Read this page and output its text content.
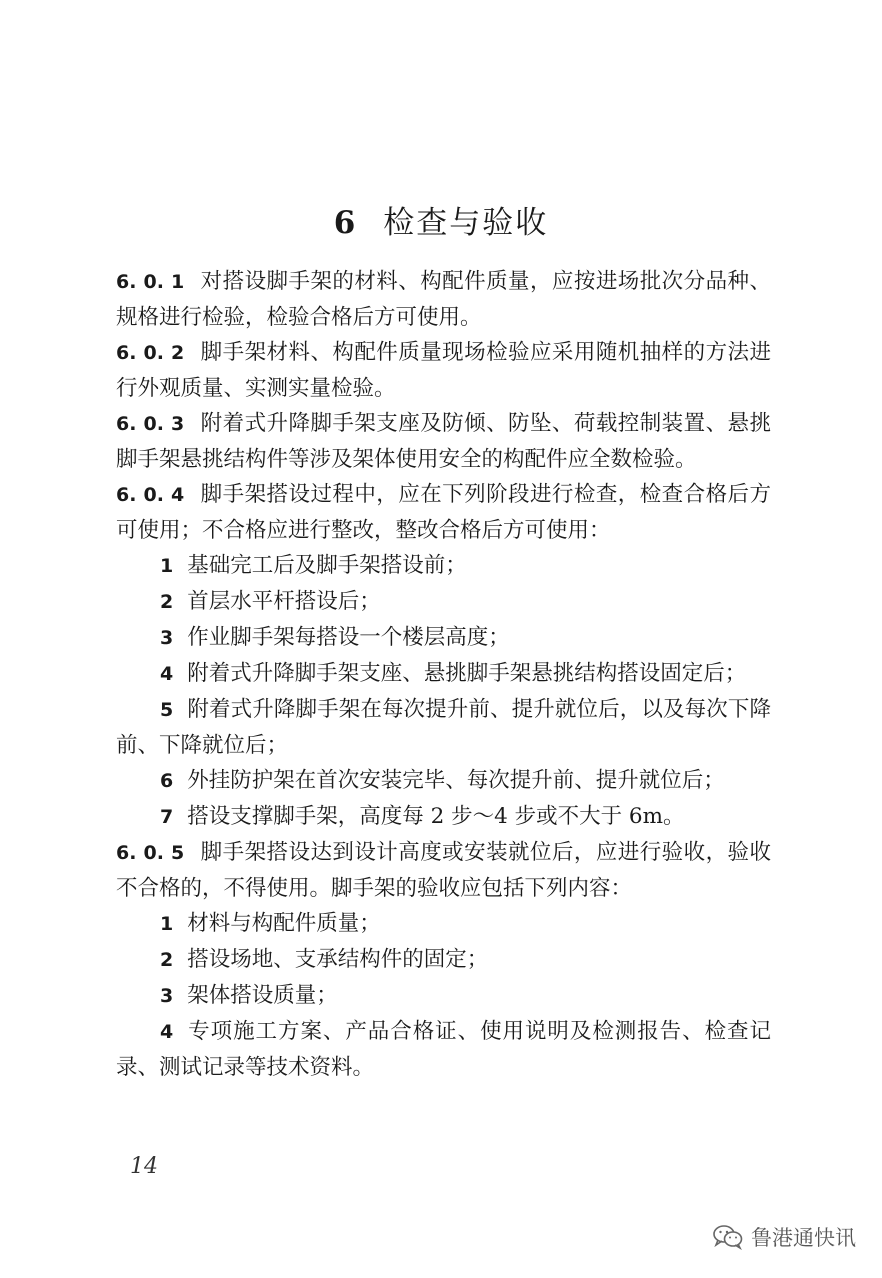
6 检查与验收

6. 0. 1 对搭设脚手架的材料、构配件质量，应按进场批次分品种、规格进行检验，检验合格后方可使用。

6. 0. 2 脚手架材料、构配件质量现场检验应采用随机抽样的方法进行外观质量、实测实量检验。

6. 0. 3 附着式升降脚手架支座及防倾、防坠、荷载控制装置、悬挑脚手架悬挑结构件等涉及架体使用安全的构配件应全数检验。

6. 0. 4 脚手架搭设过程中，应在下列阶段进行检查，检查合格后方可使用；不合格应进行整改，整改合格后方可使用：

1 基础完工后及脚手架搭设前；

2 首层水平杆搭设后；

3 作业脚手架每搭设一个楼层高度；

4 附着式升降脚手架支座、悬挑脚手架悬挑结构搭设固定后；

5 附着式升降脚手架在每次提升前、提升就位后，以及每次下降前、下降就位后；

6 外挂防护架在首次安装完毕、每次提升前、提升就位后；

7 搭设支撑脚手架，高度每 2 步～4 步或不大于 6m。

6. 0. 5 脚手架搭设达到设计高度或安装就位后，应进行验收，验收不合格的，不得使用。脚手架的验收应包括下列内容：

1 材料与构配件质量；

2 搭设场地、支承结构件的固定；

3 架体搭设质量；

4 专项施工方案、产品合格证、使用说明及检测报告、检查记录、测试记录等技术资料。

14
鲁港通快讯
